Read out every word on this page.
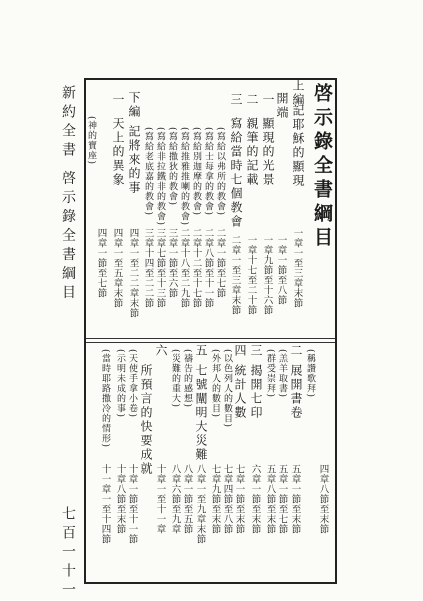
新約全書 啓示錄全書綱目
七百一十一
啓示錄全書綱目
上編
記耶穌的顯現
開端
一
顯現的光景
二
親筆的記載
三
寫給當時七個教會
(寫給以弗所的教會)
(寫給士每拿的教會)
(寫給別迦摩的教會)
(寫給推雅推喇的教會)
(寫給撒狄的教會)
(寫給非拉鐵非的教會)
(寫給老底嘉的教會)
下編 記將來的事
一
天上的異象
(神的寶座)
一章一至三章末節
一章一節至八節
一章九節至十六節
一章十七至二十節
二章一至三章末節
二章一節至七節
二章八節至十一節
二章十二至十七節
二章十八至二九節
三章一節至六節
三章七節至十三節
三章十四至二二節
四章一至二二章末節
四章一至五章末節
四章一節至七節
(稱讚歌拜)
二
展開書卷
(羔羊取書)
(群受崇拜)
三
揭開七印
四
統計人數
(以色列人的數目)
(外邦人的數目)
五
七號闡明大災難
(禱告的感想)
(災難的重大)
六
所預言的快要成就
(天使手拿小卷)
(示明未成的事)
(當時耶路撒冷的情形)
四章八節至末節
五章一節至末節
五章一節至七節
五章八節至末節
六章一節至末節
七章一節至末節
七章四節至八節
七章九節至末節
八章一至九章末節
八章一節至五節
八章六節至九章
十章一至十一章
十章一節至十一節
十章八節至末節
十一章一至十四節
